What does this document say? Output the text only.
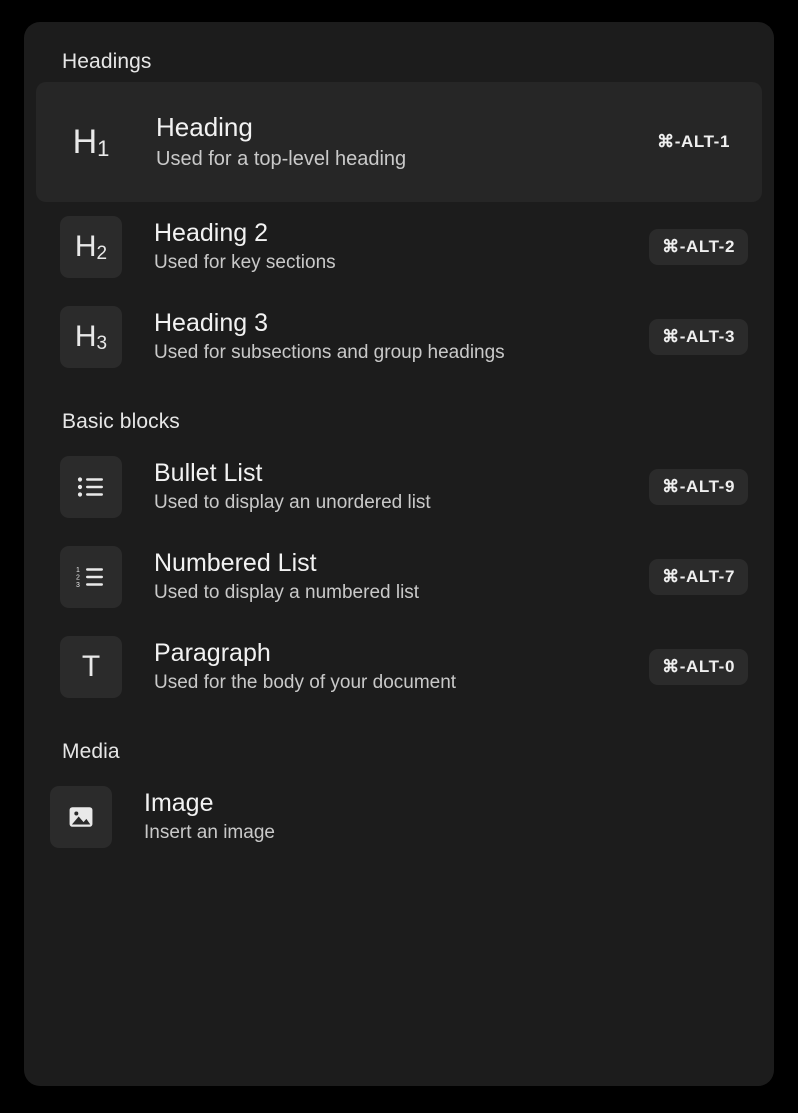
Headings
$H_1$
Heading
Used for a top-level heading
⌘-ALT-1
$H_2$
Heading 2
Used for key sections
⌘-ALT-2
$H_3$
Heading 3
Used for subsections and group headings
⌘-ALT-3
Basic blocks
Bullet List
Used to display an unordered list
⌘-ALT-9
1
2
3
Numbered List
Used to display a numbered list
⌘-ALT-7
T Paragraph
Used for the body of your document
⌘-ALT-0
Media
Image
Insert an image
